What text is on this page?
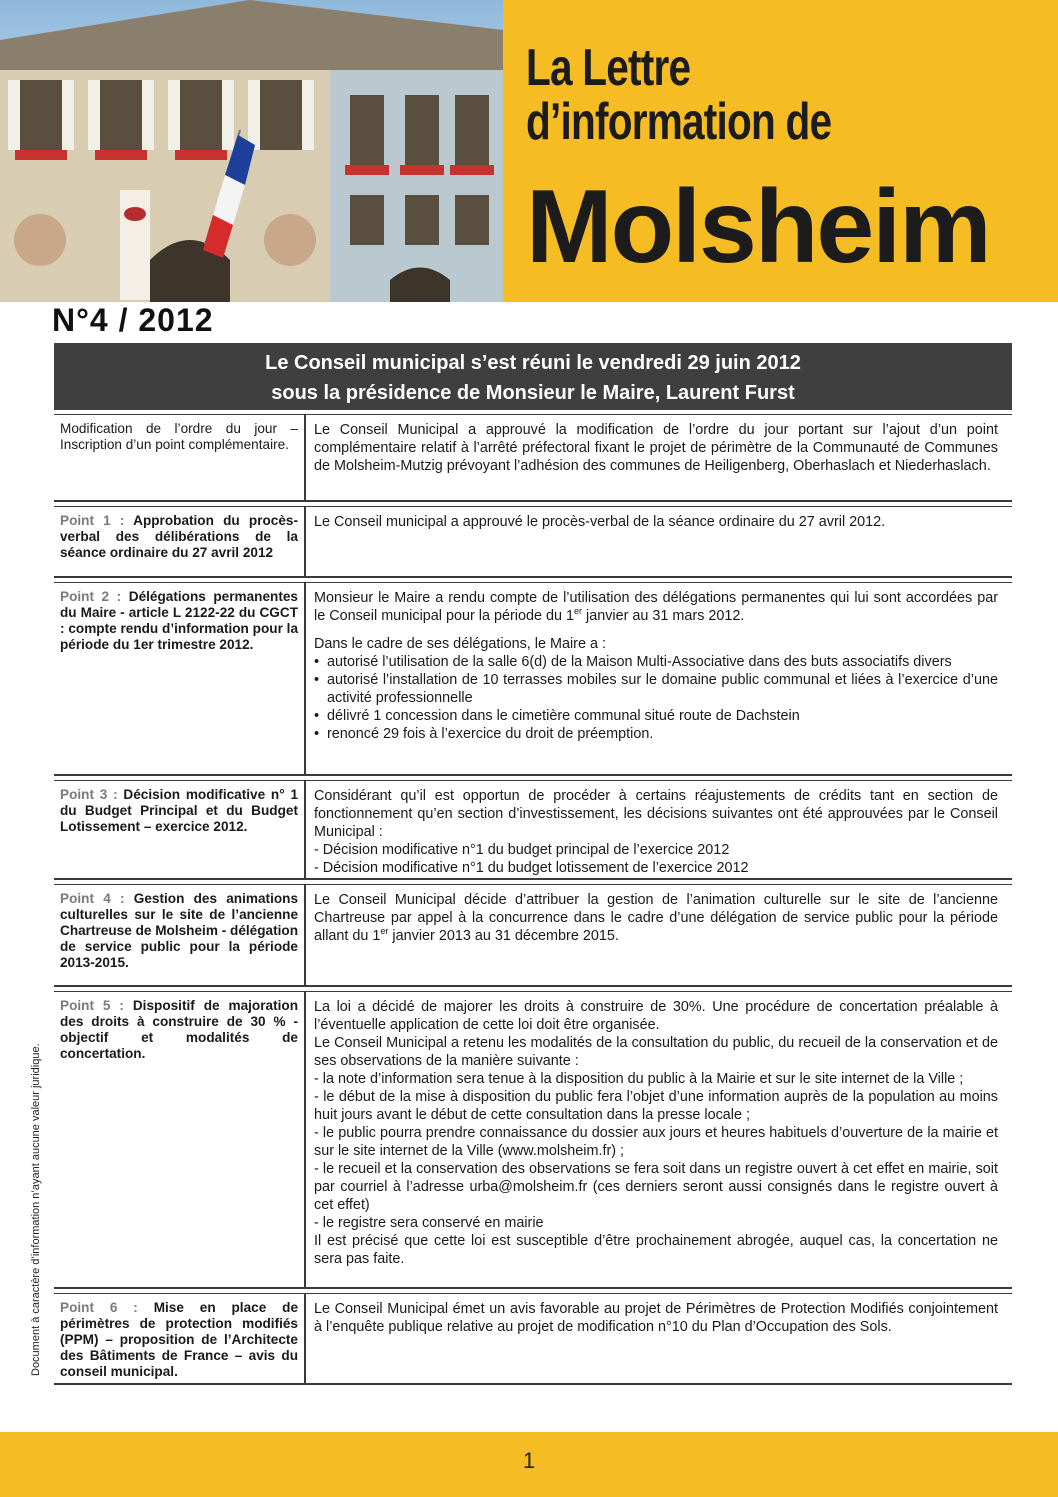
La Lettre
d’information de
Molsheim
N°4 / 2012
Le Conseil municipal s’est réuni le vendredi 29 juin 2012
sous la présidence de Monsieur le Maire, Laurent Furst
Modification de l’ordre du jour – Inscription d’un point complémentaire.

Le Conseil Municipal a approuvé la modification de l’ordre du jour portant sur l’ajout d’un point complémentaire relatif à l’arrêté préfectoral fixant le projet de périmètre de la Communauté de Communes de Molsheim-Mutzig prévoyant l’adhésion des communes de Heiligenberg, Oberhaslach et Niederhaslach.

Point 1 : Approbation du procès-verbal des délibérations de la séance ordinaire du 27 avril 2012

Le Conseil municipal a approuvé le procès-verbal de la séance ordinaire du 27 avril 2012.

Point 2 : Délégations permanentes du Maire - article L 2122-22 du CGCT : compte rendu d’information pour la période du 1er trimestre 2012.

Monsieur le Maire a rendu compte de l’utilisation des délégations permanentes qui lui sont accordées par le Conseil municipal pour la période du 1er janvier au 31 mars 2012.

Dans le cadre de ses délégations, le Maire a :

• autorisé l’utilisation de la salle 6(d) de la Maison Multi-Associative dans des buts associatifs divers
• autorisé l’installation de 10 terrasses mobiles sur le domaine public communal et liées à l’exercice d’une activité professionnelle
• délivré 1 concession dans le cimetière communal situé route de Dachstein
• renoncé 29 fois à l’exercice du droit de préemption.
Point 3 : Décision modificative n° 1 du Budget Principal et du Budget Lotissement – exercice 2012.

Considérant qu’il est opportun de procéder à certains réajustements de crédits tant en section de fonctionnement qu’en section d’investissement, les décisions suivantes ont été approuvées par le Conseil Municipal :

- Décision modificative n°1 du budget principal de l’exercice 2012

- Décision modificative n°1 du budget lotissement de l’exercice 2012

Point 4 : Gestion des animations culturelles sur le site de l’ancienne Chartreuse de Molsheim - délégation de service public pour la période 2013-2015.

Le Conseil Municipal décide d’attribuer la gestion de l’animation culturelle sur le site de l’ancienne Chartreuse par appel à la concurrence dans le cadre d’une délégation de service public pour la période allant du 1er janvier 2013 au 31 décembre 2015.

Point 5 : Dispositif de majoration des droits à construire de 30 % - objectif et modalités de concertation.

La loi a décidé de majorer les droits à construire de 30%. Une procédure de concertation préalable à l’éventuelle application de cette loi doit être organisée.

Le Conseil Municipal a retenu les modalités de la consultation du public, du recueil de la conservation et de ses observations de la manière suivante :

- la note d’information sera tenue à la disposition du public à la Mairie et sur le site internet de la Ville ;

- le début de la mise à disposition du public fera l’objet d’une information auprès de la population au moins huit jours avant le début de cette consultation dans la presse locale ;

- le public pourra prendre connaissance du dossier aux jours et heures habituels d’ouverture de la mairie et sur le site internet de la Ville (www.molsheim.fr) ;

- le recueil et la conservation des observations se fera soit dans un registre ouvert à cet effet en mairie, soit par courriel à l’adresse urba@molsheim.fr (ces derniers seront aussi consignés dans le registre ouvert à cet effet)

- le registre sera conservé en mairie

Il est précisé que cette loi est susceptible d’être prochainement abrogée, auquel cas, la concertation ne sera pas faite.

Point 6 : Mise en place de périmètres de protection modifiés (PPM) – proposition de l’Architecte des Bâtiments de France – avis du conseil municipal.

Le Conseil Municipal émet un avis favorable au projet de Périmètres de Protection Modifiés conjointement à l’enquête publique relative au projet de modification n°10 du Plan d’Occupation des Sols.

Document à caractère d’information n’ayant aucune valeur juridique.
1
